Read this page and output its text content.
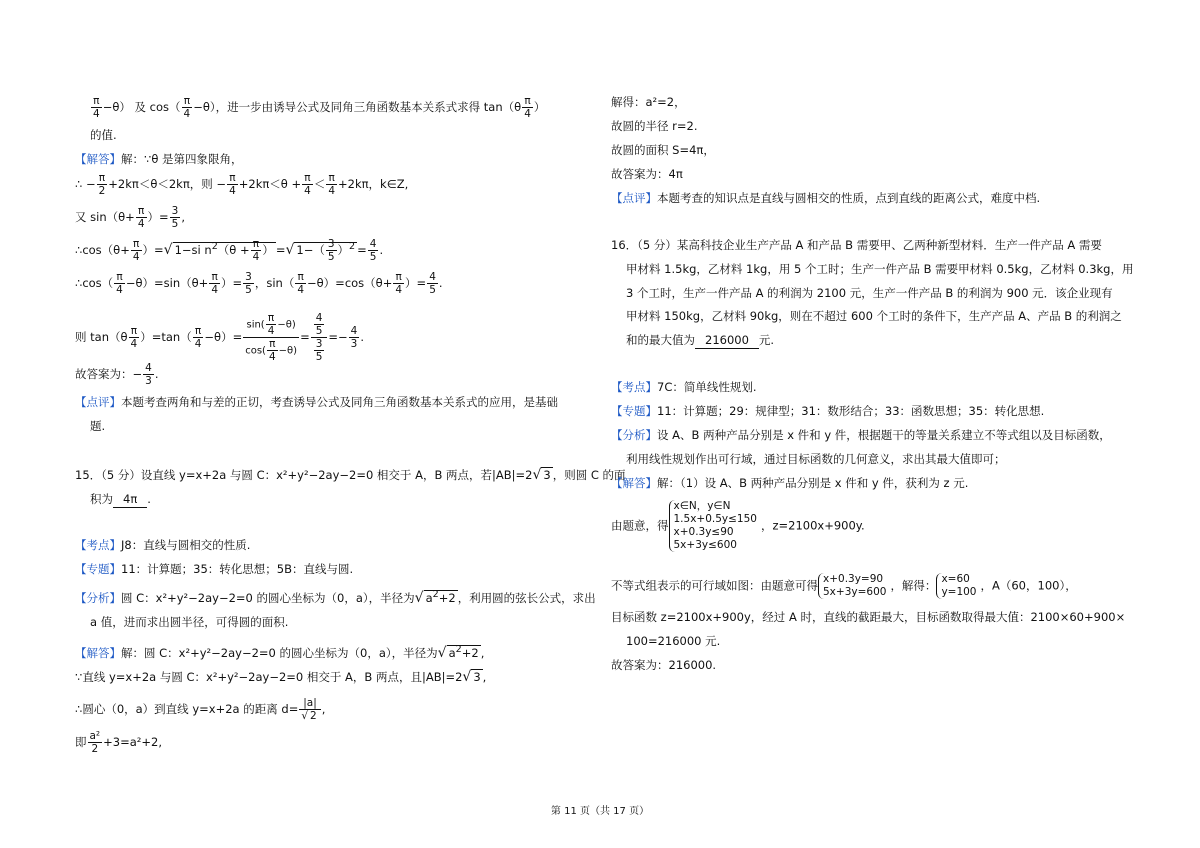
$\frac{\pi}{4} -\theta$） 及 $\cos( \frac{\pi}{4} -\theta)$，进一步由诱导公式及同角三角函数基本关系式求得 $\tan(\theta \frac{\pi}{4}$ ）
的值.
【解答】解：∵θ 是第四象限角，
∴ − $\frac{\pi}{2} +2k\pi<\theta<2k\pi$，则 − $\frac{\pi}{4} +2k\pi<\theta + \frac{\pi}{4} < \frac{\pi}{4} +2k\pi$，k∈Z,
又 $\sin(\theta+ \frac{\pi}{4}$ ）= $\frac{3}{5}$ ,
∴cos（θ+ $\frac{\pi}{4}$ ）=√ 1−si $n^2(\theta + \frac{\pi}{4}$ ） =√ $1-( \frac{3}{5} )^2 = \frac{4}{5}$ .
∴cos（ $\frac{\pi}{4} -\theta)=\sin(\theta+ \frac{\pi}{4}$ ）= $\frac{3}{5}$ ，$\sin( \frac{\pi}{4} -\theta)=\cos(\theta+ \frac{\pi}{4}$ ）= $\frac{4}{5}$ .
则 $\tan(\theta \frac{\pi}{4} )=\tan( \frac{\pi}{4} -\theta)= \frac{\sin( \frac{\pi}{4} -\theta)}{\cos( \frac{\pi}{4} -\theta)} = \frac{\frac{4}{5}}{\frac{3}{5}} =- \frac{4}{3}$ .
故答案为：− $\frac{4}{3}$ .
【点评】本题考查两角和与差的正切，考查诱导公式及同角三角函数基本关系式的应用，是基础
题.
15．（5 分）设直线 y=x+2a 与圆 C：x²+y²−2ay−2=0 相交于 A，B 两点，若|AB|=2√ 3 ，则圆 C 的面
积为 4π .
【考点】J8：直线与圆相交的性质.
【专题】11：计算题；35：转化思想；5B：直线与圆.
【分析】圆 C：x²+y²−2ay−2=0 的圆心坐标为（0，a），半径为√ $a^2+2$ ，利用圆的弦长公式，求出
a 值，进而求出圆半径，可得圆的面积.
【解答】解：圆 C：x²+y²−2ay−2=0 的圆心坐标为（0，a），半径为√ $a^2+2$ ,
∵直线 y=x+2a 与圆 C：x²+y²−2ay−2=0 相交于 A，B 两点，且|AB|=2√ 3 ,
∴圆心（0，a）到直线 y=x+2a 的距离 $d= \frac{|a|}{√ 2}$ ,
即 $\frac{\text{a²}}{2} +3=a^2+2$,
解得：a²=2，
故圆的半径 r=2.
故圆的面积 S=4π，
故答案为：4π
【点评】本题考查的知识点是直线与圆相交的性质，点到直线的距离公式，难度中档.
16．（5 分）某高科技企业生产产品 A 和产品 B 需要甲、乙两种新型材料．生产一件产品 A 需要
甲材料 1.5kg，乙材料 1kg，用 5 个工时；生产一件产品 B 需要甲材料 0.5kg，乙材料 0.3kg，用
3 个工时，生产一件产品 A 的利润为 2100 元，生产一件产品 B 的利润为 900 元．该企业现有
甲材料 150kg，乙材料 90kg，则在不超过 600 个工时的条件下，生产产品 A、产品 B 的利润之
和的最大值为 216000 元.
【考点】7C：简单线性规划.
【专题】11：计算题；29：规律型；31：数形结合；33：函数思想；35：转化思想.
【分析】设 A、B 两种产品分别是 x 件和 y 件，根据题干的等量关系建立不等式组以及目标函数，
利用线性规划作出可行域，通过目标函数的几何意义，求出其最大值即可；
【解答】解：（1）设 A、B 两种产品分别是 x 件和 y 件，获利为 z 元.
由题意，得
x∈N，y∈N
1.5x+0.5y≤150
x+0.3y≤90
5x+3y≤600
，z=2100x+900y.
不等式组表示的可行域如图：由题意可得 x+0.3y=90
5x+3y=600 ，解得： x=60
y=100 ，A（60，100），
目标函数 z=2100x+900y，经过 A 时，直线的截距最大，目标函数取得最大值：2100×60+900×
100=216000 元.
故答案为：216000.
第 11 页（共 17 页）
